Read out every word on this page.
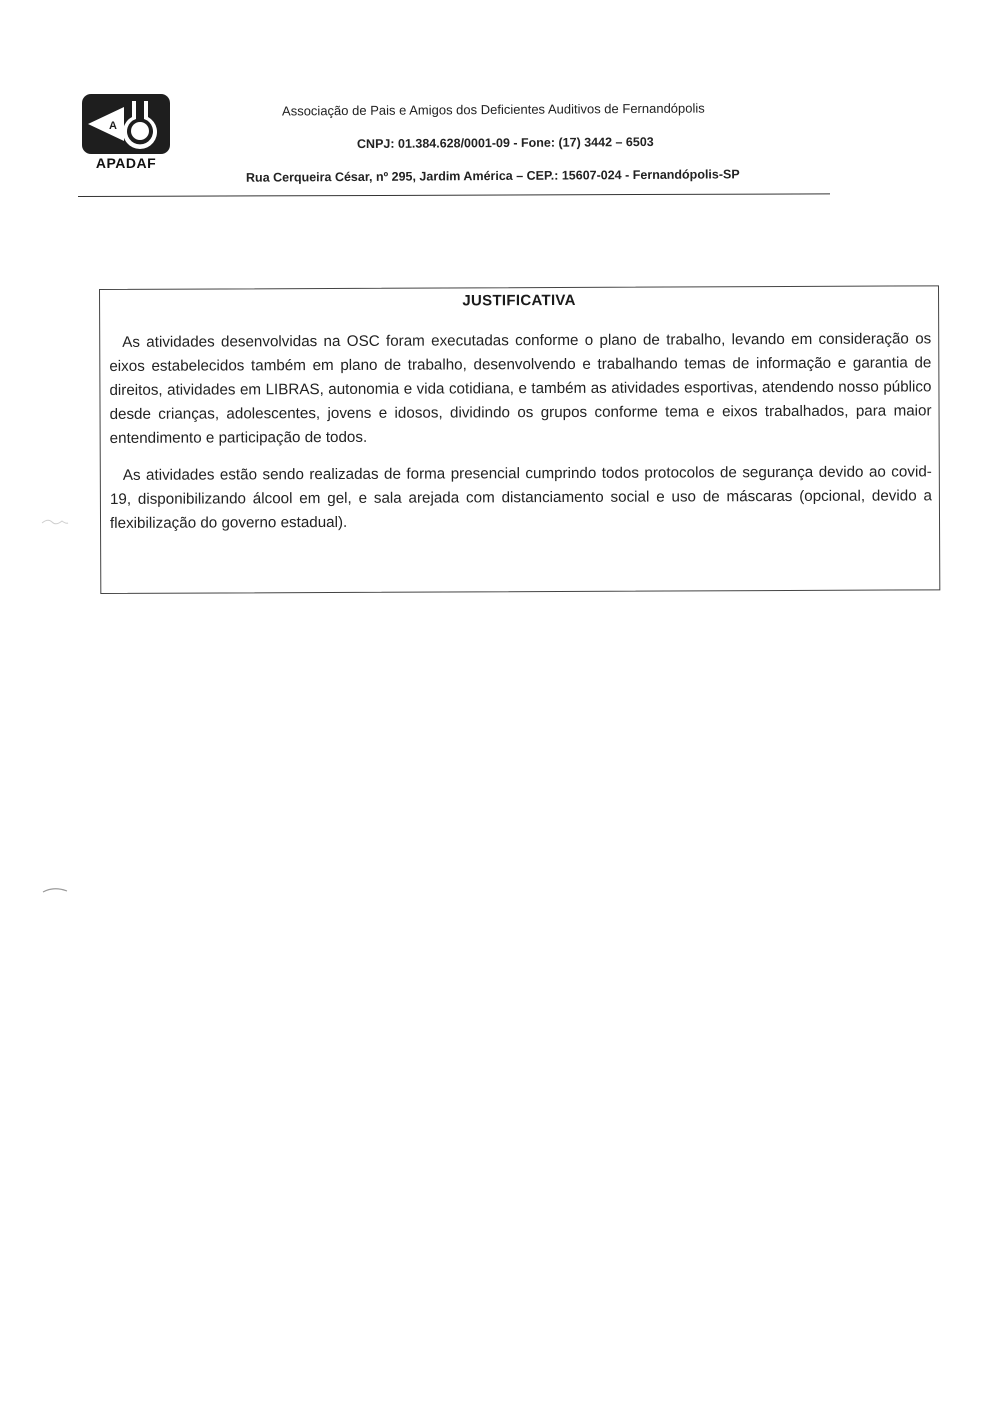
A
APADAF
Associação de Pais e Amigos dos Deficientes Auditivos de Fernandópolis
CNPJ: 01.384.628/0001-09 - Fone: (17) 3442 – 6503
Rua Cerqueira César, nº 295, Jardim América – CEP.: 15607-024 - Fernandópolis-SP
JUSTIFICATIVA

As atividades desenvolvidas na OSC foram executadas conforme o plano de trabalho, levando em consideração os eixos estabelecidos também em plano de trabalho, desenvolvendo e trabalhando temas de informação e garantia de direitos, atividades em LIBRAS, autonomia e vida cotidiana, e também as atividades esportivas, atendendo nosso público desde crianças, adolescentes, jovens e idosos, dividindo os grupos conforme tema e eixos trabalhados, para maior entendimento e participação de todos.

As atividades estão sendo realizadas de forma presencial cumprindo todos protocolos de segurança devido ao covid-19, disponibilizando álcool em gel, e sala arejada com distanciamento social e uso de máscaras (opcional, devido a flexibilização do governo estadual).
